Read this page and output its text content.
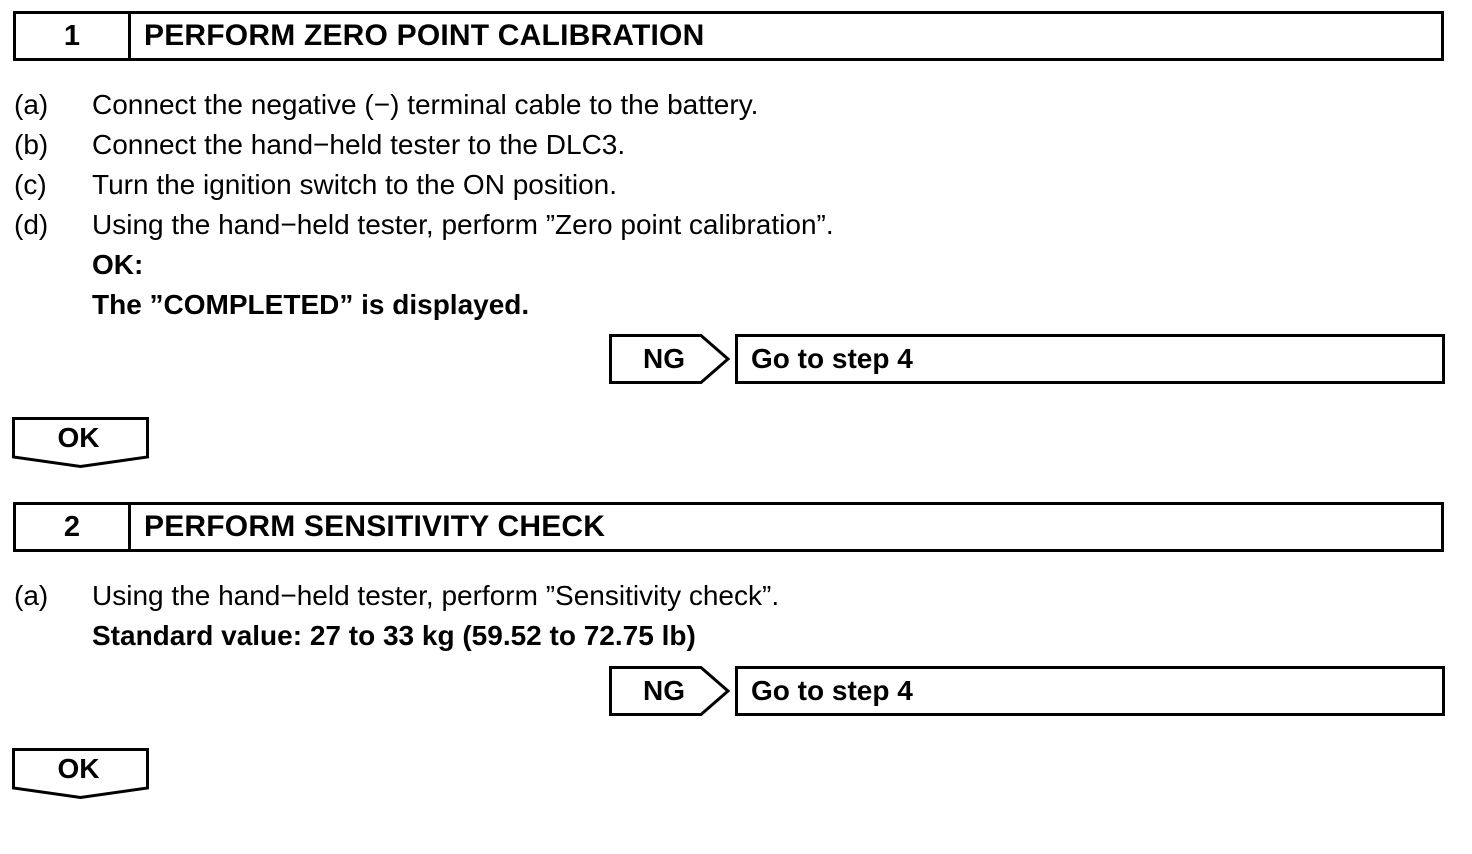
1	PERFORM ZERO POINT CALIBRATION
(a)	Connect the negative (−) terminal cable to the battery.
(b)	Connect the hand−held tester to the DLC3.
(c)	Turn the ignition switch to the ON position.
(d)	Using the hand−held tester, perform ”Zero point calibration”.
OK:
The ”COMPLETED” is displayed.
NG	Go to step 4
OK
2	PERFORM SENSITIVITY CHECK
(a)	Using the hand−held tester, perform ”Sensitivity check”.
Standard value: 27 to 33 kg (59.52 to 72.75 lb)
NG	Go to step 4
OK
